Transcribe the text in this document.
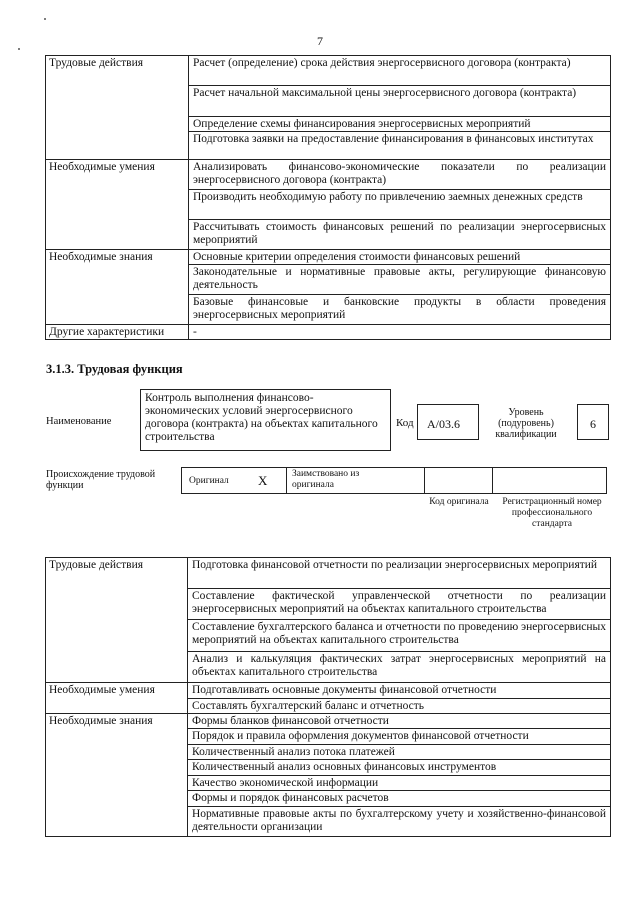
7
Трудовые действия	Расчет (определение) срока действия энергосервисного договора (контракта)
	Расчет начальной максимальной цены энергосервисного договора (контракта)
	Определение схемы финансирования энергосервисных мероприятий
	Подготовка заявки на предоставление финансирования в финансовых институтах
Необходимые умения	Анализировать финансово-экономические показатели по реализации энергосервисного договора (контракта)
	Производить необходимую работу по привлечению заемных денежных средств
	Рассчитывать стоимость финансовых решений по реализации энергосервисных мероприятий
Необходимые знания	Основные критерии определения стоимости финансовых решений
	Законодательные и нормативные правовые акты, регулирующие финансовую деятельность
	Базовые финансовые и банковские продукты в области проведения энергосервисных мероприятий
Другие характеристики	-
3.1.3. Трудовая функция
Наименование
Контроль выполнения финансово-экономических условий энергосервисного договора (контракта) на объектах капитального строительства
Код	А/03.6
Уровень (подуровень) квалификации
6
Происхождение трудовой функции	Оригинал X	Заимствовано из оригинала
Код оригинала	Регистрационный номер профессионального стандарта
Трудовые действия	Подготовка финансовой отчетности по реализации энергосервисных мероприятий
	Составление фактической управленческой отчетности по реализации энергосервисных мероприятий на объектах капитального строительства
	Составление бухгалтерского баланса и отчетности по проведению энергосервисных мероприятий на объектах капитального строительства
	Анализ и калькуляция фактических затрат энергосервисных мероприятий на объектах капитального строительства
Необходимые умения	Подготавливать основные документы финансовой отчетности
	Составлять бухгалтерский баланс и отчетность
Необходимые знания	Формы бланков финансовой отчетности
	Порядок и правила оформления документов финансовой отчетности
	Количественный анализ потока платежей
	Количественный анализ основных финансовых инструментов
	Качество экономической информации
	Формы и порядок финансовых расчетов
	Нормативные правовые акты по бухгалтерскому учету и хозяйственно-финансовой деятельности организации
